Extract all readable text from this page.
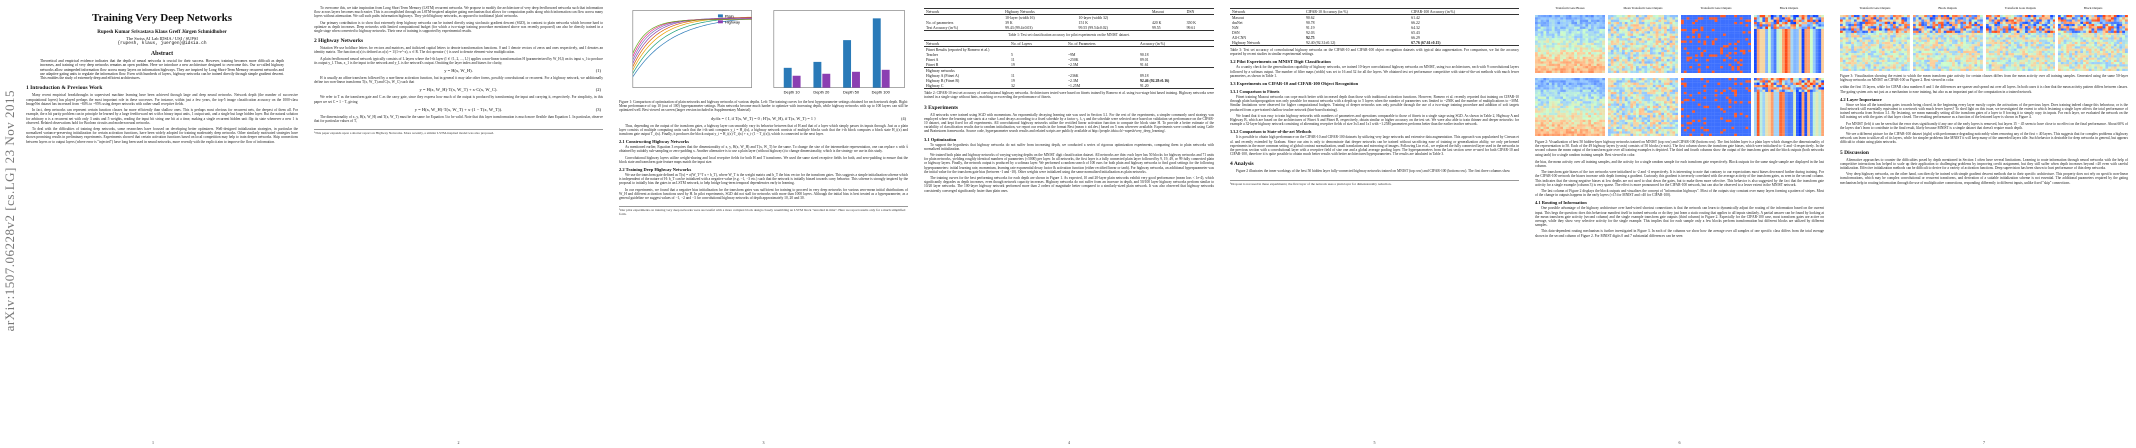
arXiv:1507.06228v2 [cs.LG] 23 Nov 2015
Training Very Deep Networks
Rupesh Kumar Srivastava Klaus Greff Jürgen Schmidhuber
The Swiss AI Lab IDSIA / USI / SUPSI
{rupesh, klaus, juergen}@idsia.ch
Abstract
Theoretical and empirical evidence indicates that the depth of neural networks is crucial for their success. However, training becomes more difficult as depth increases, and training of very deep networks remains an open problem. Here we introduce a new architecture designed to overcome this. Our so-called highway networks allow unimpeded information flow across many layers on information highways. They are inspired by Long Short-Term Memory recurrent networks and use adaptive gating units to regulate the information flow. Even with hundreds of layers, highway networks can be trained directly through simple gradient descent. This enables the study of extremely deep and efficient architectures.
1 Introduction & Previous Work

Many recent empirical breakthroughs in supervised machine learning have been achieved through large and deep neural networks. Network depth (the number of successive computational layers) has played perhaps the most important role in these successes. For instance, within just a few years, the top-5 image classification accuracy on the 1000-class ImageNet dataset has increased from ~84% to ~95% using deeper networks with rather small receptive fields.

In fact, deep networks can represent certain function classes far more efficiently than shallow ones. This is perhaps most obvious for recurrent nets, the deepest of them all. For example, the n bit parity problem can in principle be learned by a large feedforward net with n binary input units, 1 output unit, and a single but large hidden layer. But the natural solution for arbitrary n is a recurrent net with only 3 units and 5 weights, reading the input bit string one bit at a time, making a single recurrent hidden unit flip its state whenever a new 1 is observed. Related observations hold for Boolean circuits and modern neural networks.

To deal with the difficulties of training deep networks, some researchers have focused on developing better optimizers. Well-designed initialization strategies, in particular the normalized variance-preserving initialization for certain activation functions, have been widely adopted for training moderately deep networks. Other similarly motivated strategies have shown promising results in preliminary experiments. Experiments showed that certain activation functions based on local competition may help to train deeper networks. Skip connections between layers or to output layers (where error is "injected") have long been used in neural networks, more recently with the explicit aim to improve the flow of information.

1

To overcome this, we take inspiration from Long Short Term Memory (LSTM) recurrent networks. We propose to modify the architecture of very deep feedforward networks such that information flow across layers becomes much easier. This is accomplished through an LSTM-inspired adaptive gating mechanism that allows for computation paths along which information can flow across many layers without attenuation. We call such paths information highways. They yield highway networks, as opposed to traditional 'plain' networks.

Our primary contribution is to show that extremely deep highway networks can be trained directly using stochastic gradient descent (SGD), in contrast to plain networks which become hard to optimize as depth increases. Deep networks with limited computational budget (for which a two-stage training procedure mentioned above was recently proposed) can also be directly trained in a single stage when converted to highway networks. Their ease of training is supported by experimental results.

2 Highway Networks

Notation We use boldface letters for vectors and matrices, and italicized capital letters to denote transformation functions. 0 and 1 denote vectors of zeros and ones respectively, and I denotes an identity matrix. The function σ(x) is defined as σ(x) = 1/(1+e^-x), x ∈ R. The dot operator (·) is used to denote element-wise multiplication.

A plain feedforward neural network typically consists of L layers where the l-th layer (l ∈ {1, 2, ..., L}) applies a non-linear transformation H (parameterized by W_H,l) on its input x_l to produce its output y_l. Thus, x_1 is the input to the network and y_L is the network's output. Omitting the layer index and biases for clarity,

y = H(x, W_H).	(1)

H is usually an affine transform followed by a non-linear activation function, but in general it may take other forms, possibly convolutional or recurrent. For a highway network, we additionally define two non-linear transforms T(x, W_T) and C(x, W_C) such that

y = H(x, W_H)·T(x, W_T) + x·C(x, W_C).	(2)

We refer to T as the transform gate and C as the carry gate, since they express how much of the output is produced by transforming the input and carrying it, respectively. For simplicity, in this paper we set C = 1 − T, giving

y = H(x, W_H)·T(x, W_T) + x·(1 − T(x, W_T)).	(3)

The dimensionality of x, y, H(x, W_H) and T(x, W_T) must be the same for Equation 3 to be valid. Note that this layer transformation is much more flexible than Equation 1. In particular, observe that for particular values of T,

¹This paper expands upon a shorter report on Highway Networks. More recently, a similar LSTM-inspired model was also proposed.
2
Plain
Highway
Depth 10	Depth 20	Depth 50	Depth 100
Figure 1: Comparison of optimization of plain networks and highway networks of various depths. Left: The training curves for the best hyperparameter settings obtained for each network depth. Right: Mean performance of top 10 (out of 100) hyperparameter settings. Plain networks become much harder to optimize with increasing depth, while highway networks with up to 100 layers can still be optimized well. Best viewed on screen (larger version included in Supplementary Material).
dy/dx = { I, if T(x, W_T) = 0 ; H'(x, W_H), if T(x, W_T) = 1 }	(4)

Thus, depending on the output of the transform gates, a highway layer can smoothly vary its behavior between that of H and that of a layer which simply passes its inputs through. Just as a plain layer consists of multiple computing units such that the i-th unit computes y_i = H_i(x), a highway network consists of multiple blocks such that the i-th block computes a block state H_i(x) and transform gate output T_i(x). Finally, it produces the block output y_i = H_i(x)·T_i(x) + x_i·(1 − T_i(x)), which is connected to the next layer.

2.1 Constructing Highway Networks

As mentioned earlier, Equation 3 requires that the dimensionality of x, y, H(x, W_H) and T(x, W_T) be the same. To change the size of the intermediate representation, one can replace x with x̂ obtained by suitably sub-sampling or zero-padding x. Another alternative is to use a plain layer (without highways) to change dimensionality, which is the strategy we use in this study.

Convolutional highway layers utilize weight-sharing and local receptive fields for both H and T transforms. We used the same sized receptive fields for both, and zero-padding to ensure that the block state and transform gate feature maps match the input size.

2.2 Training Deep Highway Networks

We use the transform gate defined as T(x) = σ(W_T^T x + b_T), where W_T is the weight matrix and b_T the bias vector for the transform gates. This suggests a simple initialization scheme which is independent of the nature of H: b_T can be initialized with a negative value (e.g. −1, −3 etc.) such that the network is initially biased towards carry behavior. This scheme is strongly inspired by the proposal to initially bias the gates in an LSTM network, to help bridge long-term temporal dependencies early in learning.

In our experiments, we found that a negative bias initialization for the transform gates was sufficient for training to proceed in very deep networks for various zero-mean initial distributions of W_H and different activation functions used by H. In pilot experiments, SGD did not stall for networks with more than 1000 layers. Although the initial bias is best treated as a hyperparameter, as a general guideline we suggest values of −1, −2 and −3 for convolutional highway networks of depth approximately 10, 20 and 30.

²Our pilot experiments on training very deep networks were successful with a more complex block design closely resembling an LSTM block "unrolled in time". Here we report results only for a much simplified form.
3
Network	Highway Networks		Maxout	DSN
	10-layer (width 16)	10-layer (width 32)		
No. of parameters	39 K	151 K	420 K	350 K
Test Accuracy (in %)	99.43 (99.4±0.03)	99.55 (99.54±0.02)	99.55	99.61
Table 1: Test set classification accuracy for pilot experiments on the MNIST dataset.
Network	No. of Layers	No. of Parameters	Accuracy (in %)
Fitnet Results (reported by Romero et al.)			
Teacher	5	~9M	90.18
Fitnet A	11	~250K	89.01
Fitnet B	19	~2.5M	91.61
Highway networks			
Highway A (Fitnet A)	11	~236K	89.18
Highway B (Fitnet B)	19	~2.3M	92.46 (92.28±0.16)
Highway C	32	~1.25M	91.20
Table 2: CIFAR-10 test set accuracy of convolutional highway networks. Architectures tested were based on fitnets trained by Romero et al. using two-stage hint based training. Highway networks were trained in a single stage without hints, matching or exceeding the performance of fitnets.
3 Experiments

All networks were trained using SGD with momentum. An exponentially decaying learning rate was used in Section 3.1. For the rest of the experiments, a simpler commonly used strategy was employed where the learning rate starts at a value λ and decays according to a fixed schedule by a factor γ. λ, γ and the schedule were selected once based on validation set performance on the CIFAR-10 dataset, and kept fixed for all experiments. All convolutional highway networks utilize the rectified linear activation function to compute the block state H. To provide a better estimate of the variability of classification results due to random initialization, we report our results in the format Best (mean ± std.dev.) based on 5 runs wherever available. Experiments were conducted using Caffe and Brainstorm frameworks. Source code, hyperparameter search results and related scripts are publicly available at http://people.idsia.ch/~rupesh/very_deep_learning/.

3.1 Optimization

To support the hypothesis that highway networks do not suffer from increasing depth, we conducted a series of rigorous optimization experiments, comparing them to plain networks with normalized initialization.

We trained both plain and highway networks of varying varying depths on the MNIST digit classification dataset. All networks are thin: each layer has 50 blocks for highway networks and 71 units for plain networks, yielding roughly identical numbers of parameters (≈5000) per layer. In all networks, the first layer is a fully connected plain layer followed by 9, 19, 49, or 99 fully connected plain or highway layers. Finally, the network output is produced by a softmax layer. We performed a random search of 100 runs for both plain and highway networks to find good settings for the following hyperparameters: initial learning rate, momentum, learning rate exponential decay factor & activation function (either rectified linear or tanh). For highway networks, an additional hyperparameter was the initial value for the transform gate bias (between -1 and -10). Other weights were initialized using the same normalized initialization as plain networks.

The training curves for the best performing networks for each depth are shown in Figure 1. As expected, 10 and 20-layer plain networks exhibit very good performance (mean loss < 1e-4), which significantly degrades as depth increases, even though network capacity increases. Highway networks do not suffer from an increase in depth, and 50/100 layer highway networks perform similar to 10/20 layer networks. The 100-layer highway network performed more than 2 orders of magnitude better compared to a similarly-sized plain network. It was also observed that highway networks consistently converged significantly faster than plain ones.

4
Network	CIFAR-10 Accuracy (in %)	CIFAR-100 Accuracy (in %)
Maxout	90.62	61.42
dasNet	90.78	66.22
NiN	91.19	64.32
DSN	92.03	65.43
All-CNN	92.75	66.29
Highway Network	92.40 (92.31±0.12)	67.76 (67.61±0.15)
Table 3: Test set accuracy of convolutional highway networks on the CIFAR-10 and CIFAR-100 object recognition datasets with typical data augmentation. For comparison, we list the accuracy reported by recent studies in similar experimental settings.
3.2 Pilot Experiments on MNIST Digit Classification

As a sanity check for the generalization capability of highway networks, we trained 10-layer convolutional highway networks on MNIST, using two architectures, each with 9 convolutional layers followed by a softmax output. The number of filter maps (width) was set to 16 and 32 for all the layers. We obtained test set performance competitive with state-of-the-art methods with much fewer parameters, as shown in Table 1.

3.3 Experiments on CIFAR-10 and CIFAR-100 Object Recognition
3.3.1 Comparison to Fitnets

Fitnet training Maxout networks can cope much better with increased depth than those with traditional activation functions. However, Romero et al. recently reported that training on CIFAR-10 through plain backpropogation was only possible for maxout networks with a depth up to 5 layers when the number of parameters was limited to ~250K and the number of multiplications to ~30M. Similar limitations were observed for higher computational budgets. Training of deeper networks was only possible through the use of a two-stage training procedure and addition of soft targets produced from a pre-trained shallow teacher network (hint-based training).

We found that it was easy to train highway networks with numbers of parameters and operations comparable to those of fitnets in a single stage using SGD. As shown in Table 2, Highway A and Highway B, which are based on the architectures of Fitnet A and Fitnet B, respectively, obtain similar or higher accuracy on the test set. We were also able to train thinner and deeper networks: for example a 32-layer highway network consisting of alternating receptive fields of size 3x3 and 1x1 with ~1.25M parameters performs better than the earlier teacher network.

3.3.2 Comparison to State-of-the-art Methods

It is possible to obtain high performance on the CIFAR-10 and CIFAR-100 datasets by utilizing very large networks and extensive data augmentation. This approach was popularized by Ciresan et al. and recently extended by Graham. Since our aim is only to demonstrate that deeper networks can be trained without sacrificing ease of training or generalization ability, we only performed experiments in the more common setting of global contrast normalization, small translations and mirroring of images. Following Lin et al., we replaced the fully connected layer used in the networks in the previous section with a convolutional layer with a receptive field of size one and a global average pooling layer. The hyperparameters from the last section were re-used for both CIFAR-10 and CIFAR-100, therefore it is quite possible to obtain much better results with better architectures/hyperparameters. The results are tabulated in Table 3.

4 Analysis

Figure 2 illustrates the inner workings of the best 50 hidden layer fully-connected highway networks trained on MNIST (top row) and CIFAR-100 (bottom row). The first three columns show

³Dropout is not used in these experiments; the first layer of the network uses a plain layer for dimensionality reduction.
5
Transform Gate Biases	Mean Transform Gate Outputs	Transform Gate Outputs	Block Outputs
Figure 2: Visualization of best 50 hidden-layer highway networks trained on MNIST (top row) and CIFAR-100 (bottom row). The first hidden layer is a plain layer which changes the dimensionality of the representation to 50. Each of the 49 highway layers (y-axis) consists of 50 blocks (x-axis). The first column shows the transform gate biases, which were initialized to -2 and -4 respectively. In the second column the mean output of the transform gate over all training examples is depicted. The third and fourth columns show the output of the transform gates and the block outputs (both networks using tanh) for a single random training sample. Best viewed in color.

the bias, the mean activity over all training samples, and the activity for a single random sample for each transform gate respectively. Block outputs for the same single sample are displayed in the last column.

The transform gate biases of the two networks were initialized to -2 and -4 respectively. It is interesting to note that contrary to our expectations most biases decreased further during training. For the CIFAR-100 network the biases increase with depth forming a gradient. Curiously this gradient is inversely correlated with the average activity of the transform gates, as seen in the second column. This indicates that the strong negative biases at low depths are not used to shut down the gates, but to make them more selective. This behavior is also suggested by the fact that the transform gate activity for a single example (column 3) is very sparse. The effect is more pronounced for the CIFAR-100 network, but can also be observed to a lesser extent in the MNIST network.

The last column of Figure 2 displays the block outputs and visualizes the concept of "information highways". Most of the outputs stay constant over many layers forming a pattern of stripes. Most of the change in outputs happens in the early layers (≈15 for MNIST and ≈40 for CIFAR-100).

4.1 Routing of Information

One possible advantage of the highway architecture over hard-wired shortcut connections is that the network can learn to dynamically adjust the routing of the information based on the current input. This begs the question: does this behaviour manifest itself in trained networks or do they just learn a static routing that applies to all inputs similarly. A partial answer can be found by looking at the mean transform gate activity (second column) and the single example transform gate outputs (third column) in Figure 2. Especially for the CIFAR-100 case, most transform gates are active on average, while they show very selective activity for the single example. This implies that for each sample only a few blocks perform transformation but different blocks are utilized by different samples.

This data-dependent routing mechanism is further investigated in Figure 3. In each of the columns we show how the average over all samples of one specific class differs from the total average shown in the second column of Figure 2. For MNIST digits 0 and 7 substantial differences can be seen

6
Transform Gate Outputs	Block Outputs	Transform Gate Outputs	Block Outputs
Figure 3: Visualization showing the extent to which the mean transform gate activity for certain classes differs from the mean activity over all training samples. Generated using the same 50-layer highway networks on MNIST on CIFAR-100 as Figure 2. Best viewed in color.

within the first 15 layers, while for CIFAR class numbers 0 and 1 the differences are sparser and spread out over all layers. In both cases it is clear that the mean activity pattern differs between classes. The gating system acts not just as a mechanism to ease training, but also as an important part of the computation in a trained network.

4.2 Layer Importance

Since we bias all the transform gates towards being closed, in the beginning every layer mostly copies the activations of the previous layer. Does training indeed change this behaviour, or is the final network still essentially equivalent to a network with much fewer layers? To shed light on this issue, we investigated the extent to which lesioning a single layer affects the total performance of trained networks from Section 3.1. By lesioning, we mean manually setting all the transform gates of a layer to 0 forcing it to simply copy its inputs. For each layer, we evaluated the network on the full training set with the gates of that layer closed. The resulting performance as a function of the lesioned layer is shown in Figure 4.

For MNIST (left) it can be seen that the error rises significantly if any one of the early layers is removed, but layers 15 − 45 seem to have close to no effect on the final performance. About 60% of the layers don't learn to contribute to the final result, likely because MNIST is a simple dataset that doesn't require much depth.

We see a different picture for the CIFAR-100 dataset (right) with performance degrading noticeably when removing any of the first ≈ 40 layers. This suggests that for complex problems a highway network can learn to utilize all of its layers, while for simpler problems like MNIST it will keep many of the unneeded layers idle. Such behavior is desirable for deep networks in general, but appears difficult to obtain using plain networks.

5 Discussion

Alternative approaches to counter the difficulties posed by depth mentioned in Section 1 often have several limitations. Learning to route information through neural networks with the help of competitive interactions has helped to scale up their application to challenging problems by improving credit assignment, but they still suffer when depth increases beyond ≈20 even with careful initialization. Effective initialization methods can be difficult to derive for a variety of activation functions. Deep supervision has been shown to hurt performance of thin deep networks.

Very deep highway networks, on the other hand, can directly be trained with simple gradient descent methods due to their specific architecture. This property does not rely on specific non-linear transformations, which may be complex convolutional or recurrent transforms, and derivation of a suitable initialization scheme is not essential. The additional parameters required by the gating mechanism help in routing information through the use of multiplicative connections, responding differently to different inputs, unlike fixed "skip" connections.

7
